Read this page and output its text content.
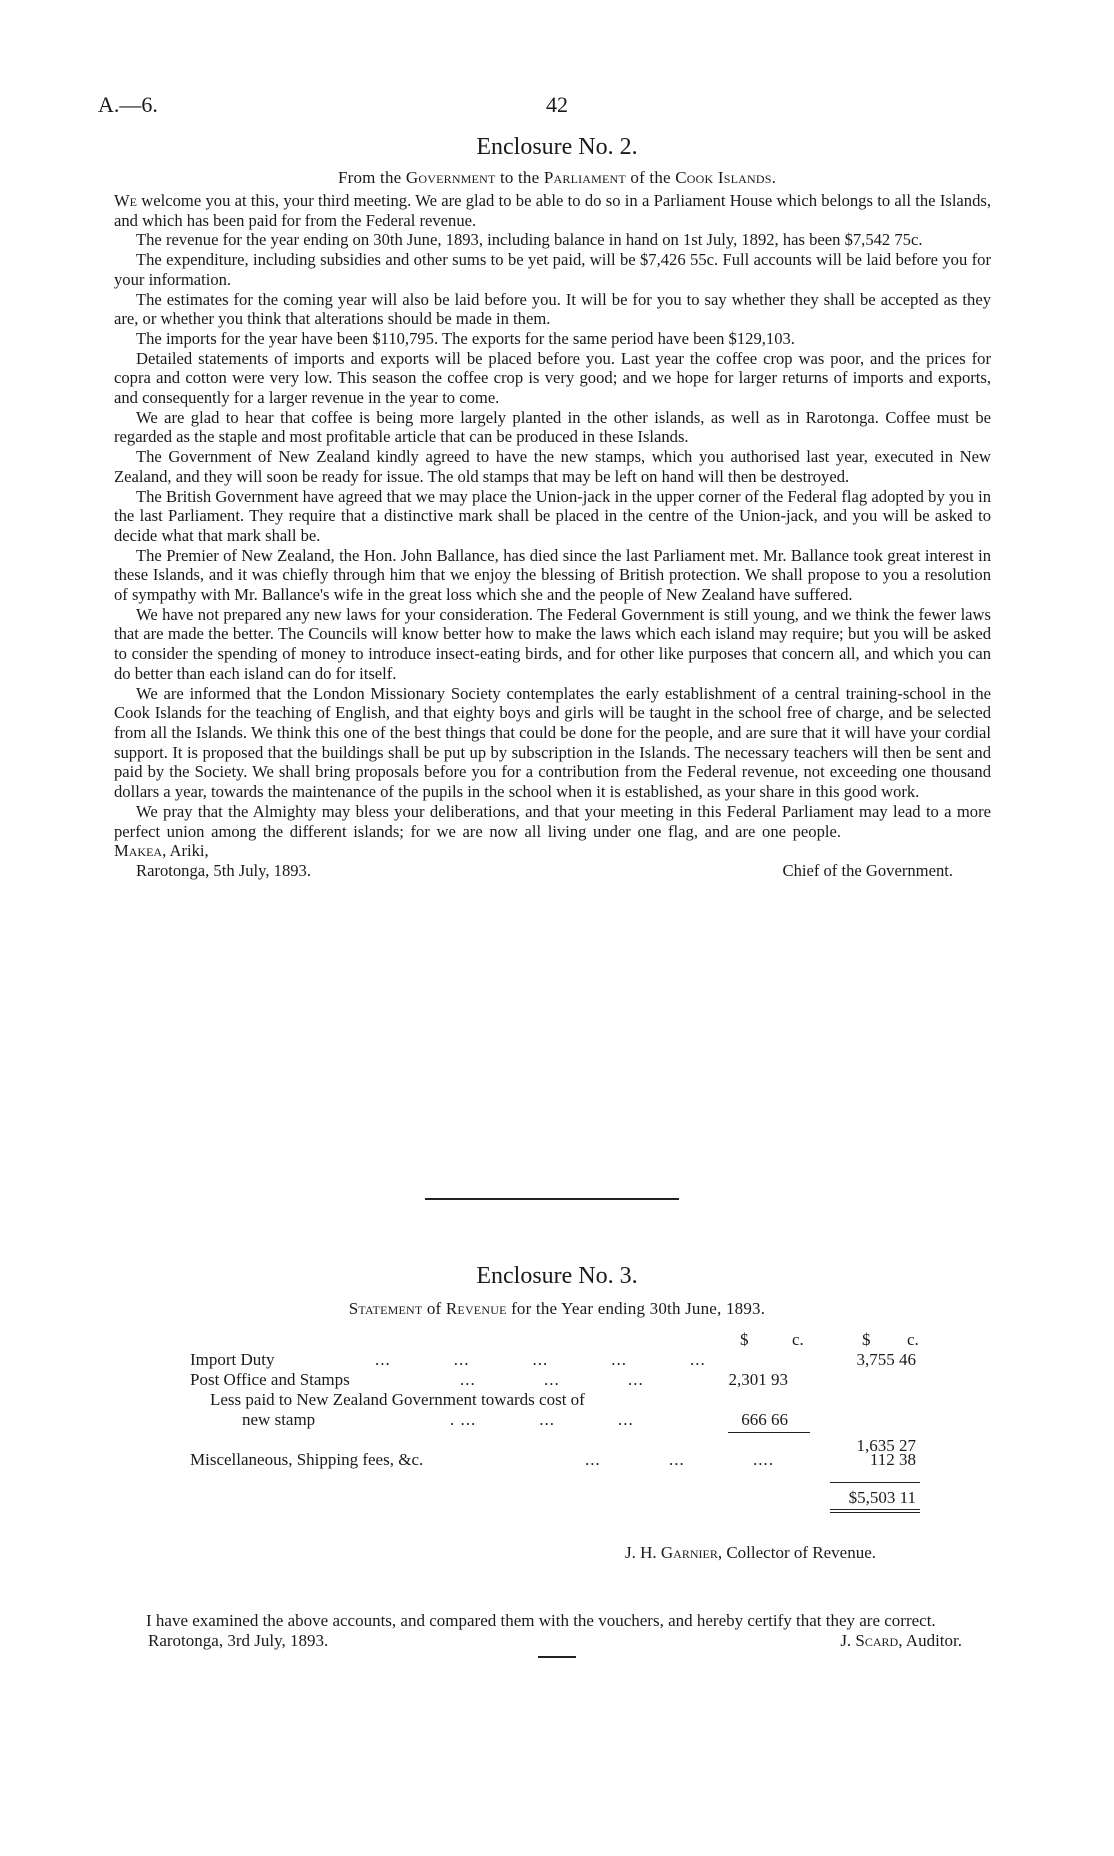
A.—6.	42
Enclosure No. 2.
From the Government to the Parliament of the Cook Islands.

We welcome you at this, your third meeting. We are glad to be able to do so in a Parliament House which belongs to all the Islands, and which has been paid for from the Federal revenue.

The revenue for the year ending on 30th June, 1893, including balance in hand on 1st July, 1892, has been $7,542 75c.

The expenditure, including subsidies and other sums to be yet paid, will be $7,426 55c. Full accounts will be laid before you for your information.

The estimates for the coming year will also be laid before you. It will be for you to say whether they shall be accepted as they are, or whether you think that alterations should be made in them.

The imports for the year have been $110,795. The exports for the same period have been $129,103.

Detailed statements of imports and exports will be placed before you. Last year the coffee crop was poor, and the prices for copra and cotton were very low. This season the coffee crop is very good; and we hope for larger returns of imports and exports, and consequently for a larger revenue in the year to come.

We are glad to hear that coffee is being more largely planted in the other islands, as well as in Rarotonga. Coffee must be regarded as the staple and most profitable article that can be produced in these Islands.

The Government of New Zealand kindly agreed to have the new stamps, which you authorised last year, executed in New Zealand, and they will soon be ready for issue. The old stamps that may be left on hand will then be destroyed.

The British Government have agreed that we may place the Union-jack in the upper corner of the Federal flag adopted by you in the last Parliament. They require that a distinctive mark shall be placed in the centre of the Union-jack, and you will be asked to decide what that mark shall be.

The Premier of New Zealand, the Hon. John Ballance, has died since the last Parliament met. Mr. Ballance took great interest in these Islands, and it was chiefly through him that we enjoy the blessing of British protection. We shall propose to you a resolution of sympathy with Mr. Ballance's wife in the great loss which she and the people of New Zealand have suffered.

We have not prepared any new laws for your consideration. The Federal Government is still young, and we think the fewer laws that are made the better. The Councils will know better how to make the laws which each island may require; but you will be asked to consider the spending of money to introduce insect-eating birds, and for other like purposes that concern all, and which you can do better than each island can do for itself.

We are informed that the London Missionary Society contemplates the early establishment of a central training-school in the Cook Islands for the teaching of English, and that eighty boys and girls will be taught in the school free of charge, and be selected from all the Islands. We think this one of the best things that could be done for the people, and are sure that it will have your cordial support. It is proposed that the buildings shall be put up by subscription in the Islands. The necessary teachers will then be sent and paid by the Society. We shall bring proposals before you for a contribution from the Federal revenue, not exceeding one thousand dollars a year, towards the maintenance of the pupils in the school when it is established, as your share in this good work.

We pray that the Almighty may bless your deliberations, and that your meeting in this Federal Parliament may lead to a more perfect union among the different islands; for we are now all living under one flag, and are one people.Makea, Ariki,

Rarotonga, 5th July, 1893.	Chief of the Government.
Enclosure No. 3.
Statement of Revenue for the Year ending 30th June, 1893.
$	c.	$ c.
Import Duty	...            ...            ...            ...            ...	3,755 46
Post Office and Stamps	...             ...             ...	2,301 93
Less paid to New Zealand Government towards cost of
new stamp	. ...            ...            ...	666 66
1,635 27
Miscellaneous, Shipping fees, &c.	...             ...             ....	112 38
$5,503 11
J. H. Garnier, Collector of Revenue.

I have examined the above accounts, and compared them with the vouchers, and hereby certify that they are correct.

Rarotonga, 3rd July, 1893.	J. Scard, Auditor.
